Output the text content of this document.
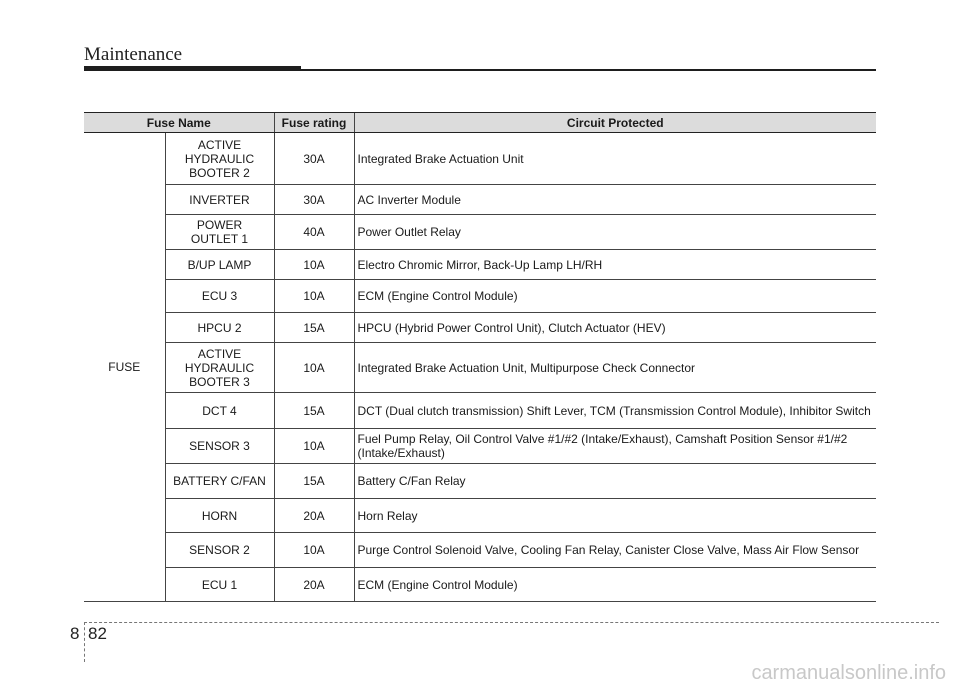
Maintenance
Fuse Name		Fuse rating	Circuit Protected
FUSE	ACTIVE
HYDRAULIC
BOOTER 2	30A	Integrated Brake Actuation Unit
	INVERTER	30A	AC Inverter Module
	POWER
OUTLET 1	40A	Power Outlet Relay
	B/UP LAMP	10A	Electro Chromic Mirror, Back-Up Lamp LH/RH
	ECU 3	10A	ECM (Engine Control Module)
	HPCU 2	15A	HPCU (Hybrid Power Control Unit), Clutch Actuator (HEV)
	ACTIVE
HYDRAULIC
BOOTER 3	10A	Integrated Brake Actuation Unit, Multipurpose Check Connector
	DCT 4	15A	DCT (Dual clutch transmission) Shift Lever, TCM (Transmission Control Module), Inhibitor Switch
	SENSOR 3	10A	Fuel Pump Relay, Oil Control Valve #1/#2 (Intake/Exhaust), Camshaft Position Sensor #1/#2 (Intake/Exhaust)
	BATTERY C/FAN	15A	Battery C/Fan Relay
	HORN	20A	Horn Relay
	SENSOR 2	10A	Purge Control Solenoid Valve, Cooling Fan Relay, Canister Close Valve, Mass Air Flow Sensor
	ECU 1	20A	ECM (Engine Control Module)
8 82
carmanualsonline.info
